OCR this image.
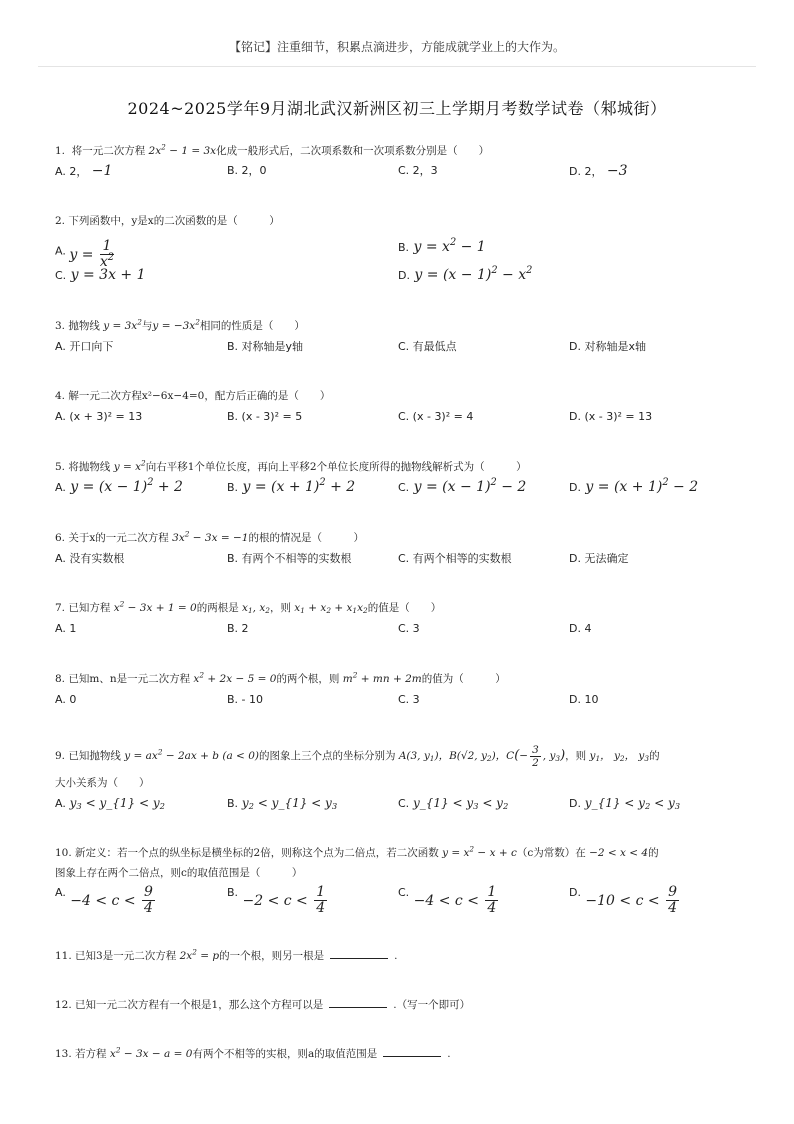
【铭记】注重细节，积累点滴进步，方能成就学业上的大作为。
2024~2025学年9月湖北武汉新洲区初三上学期月考数学试卷（邾城街）
1. 将一元二次方程 $2x^2 - 1 = 3x$化成一般形式后，二次项系数和一次项系数分别是（　　）
A. 2， −1	B. 2，0	C. 2，3	D. 2， −3
2. 下列函数中，y是x的二次函数的是（　　　）
A. $y = \frac{1}{x^2}$	B. $y = x^2 - 1$
C. y = 3x + 1	D. $y = (x - 1)^2 - x^2$
3. 抛物线 $y = 3x^2$与$y = -3x^2$相同的性质是（　　）
A. 开口向下	B. 对称轴是y轴	C. 有最低点	D. 对称轴是x轴
4. 解一元二次方程x²−6x−4=0，配方后正确的是（　　）
A. (x + 3)² = 13	B. (x - 3)² = 5	C. (x - 3)² = 4	D. (x - 3)² = 13
5. 将抛物线 $y = x^2$向右平移1个单位长度，再向上平移2个单位长度所得的抛物线解析式为（　　　）
A. $y = (x - 1)^2 + 2$	B. $y = (x + 1)^2 + 2$	C. $y = (x - 1)^2 - 2$	D. $y = (x + 1)^2 - 2$
6. 关于x的一元二次方程 $3x^2 - 3x = -1$的根的情况是（　　　）
A. 没有实数根	B. 有两个不相等的实数根	C. 有两个相等的实数根	D. 无法确定
7. 已知方程 $x^2 - 3x + 1 = 0$的两根是 $x_1$, $x_2$，则 $x_1 + x_2 + x_1x_2$的值是（　　）
A. 1	B. 2	C. 3	D. 4
8. 已知m、n是一元二次方程 $x^2 + 2x - 5 = 0$的两个根，则 $m^2$ + mn + 2m的值为（　　　）
A. 0	B. - 10	C. 3	D. 10
9. 已知抛物线 $y = ax^2 - 2ax + b$ (a < 0)的图象上三个点的坐标分别为 A(3, $y_1$)，B(√2, $y_2$)，$C(- \frac{3}{2}$ , $y_3$)，则 $y_1$， $y_2$， $y_3$的
大小关系为（　　）
A. $y_3$ < y_{1} < $y_2$	B. $y_2$ < y_{1} < $y_3$	C. y_{1} < $y_3 < y_2$	D. y_{1} < $y_2 < y_3$
10. 新定义：若一个点的纵坐标是横坐标的2倍，则称这个点为二倍点，若二次函数 $y = x^2 - x + c(c$为常数）在 −2 < x < 4的
图象上存在两个二倍点，则c的取值范围是（　　　）
A. $-4 < c < \frac{9}{4}$	B. $-2 < c < \frac{1}{4}$	C. $-4 < c < \frac{1}{4}$	D. $-10 < c < \frac{9}{4}$
11. 已知3是一元二次方程 $2x^2 = p$的一个根，则另一根是	.
12. 已知一元二次方程有一个根是1，那么这个方程可以是	.（写一个即可）
13. 若方程 $x^2 - 3x - a = 0$有两个不相等的实根，则a的取值范围是	.
